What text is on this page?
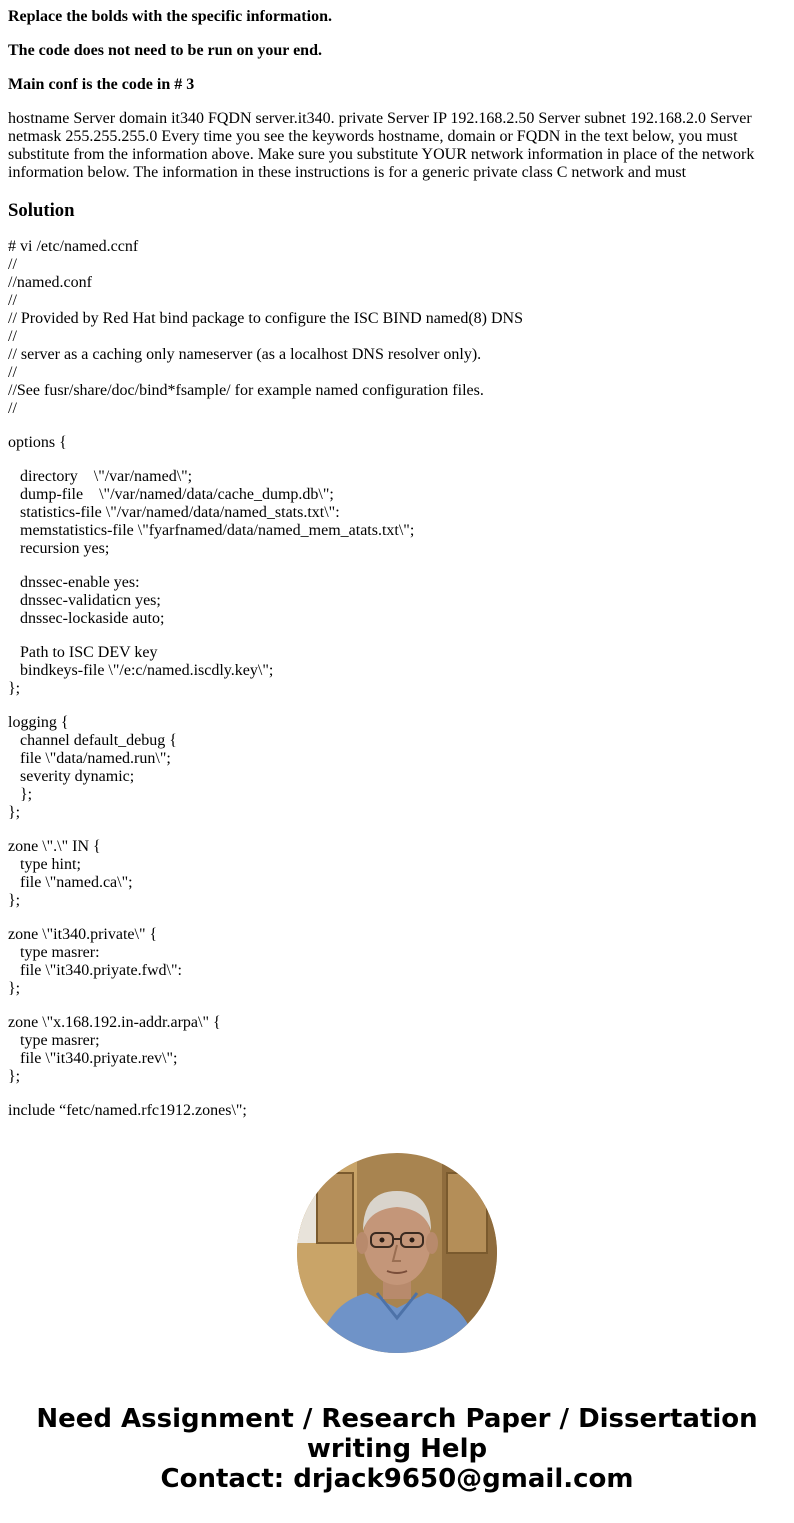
Replace the bolds with the specific information.

The code does not need to be run on your end.

Main conf is the code in # 3

hostname Server domain it340 FQDN server.it340. private Server IP 192.168.2.50 Server subnet 192.168.2.0 Server netmask 255.255.255.0 Every time you see the keywords hostname, domain or FQDN in the text below, you must substitute from the information above. Make sure you substitute YOUR network information in place of the network information below. The information in these instructions is for a generic private class C network and must

Solution
# vi /etc/named.ccnf
//
//named.conf
//
// Provided by Red Hat bind package to configure the ISC BIND named(8) DNS
//
// server as a caching only nameserver (as a localhost DNS resolver only).
//
//See fusr/share/doc/bind*fsample/ for example named configuration files.
//
options {
directory    \"/var/named\";
dump-file    \"/var/named/data/cache_dump.db\";
statistics-file \"/var/named/data/named_stats.txt\":
memstatistics-file \"fyarfnamed/data/named_mem_atats.txt\";
recursion yes;
dnssec-enable yes:
dnssec-validaticn yes;
dnssec-lockaside auto;
Path to ISC DEV key
bindkeys-file \"/e:c/named.iscdly.key\";
};
logging {
channel default_debug {
file \"data/named.run\";
severity dynamic;
};
};
zone \".\" IN {
type hint;
file \"named.ca\";
};
zone \"it340.private\" {
type masrer:
file \"it340.priyate.fwd\":
};
zone \"x.168.192.in-addr.arpa\" {
type masrer;
file \"it340.priyate.rev\";
};
include “fetc/named.rfc1912.zones\";
Need Assignment / Research Paper / Dissertation
writing Help
Contact: drjack9650@gmail.com
